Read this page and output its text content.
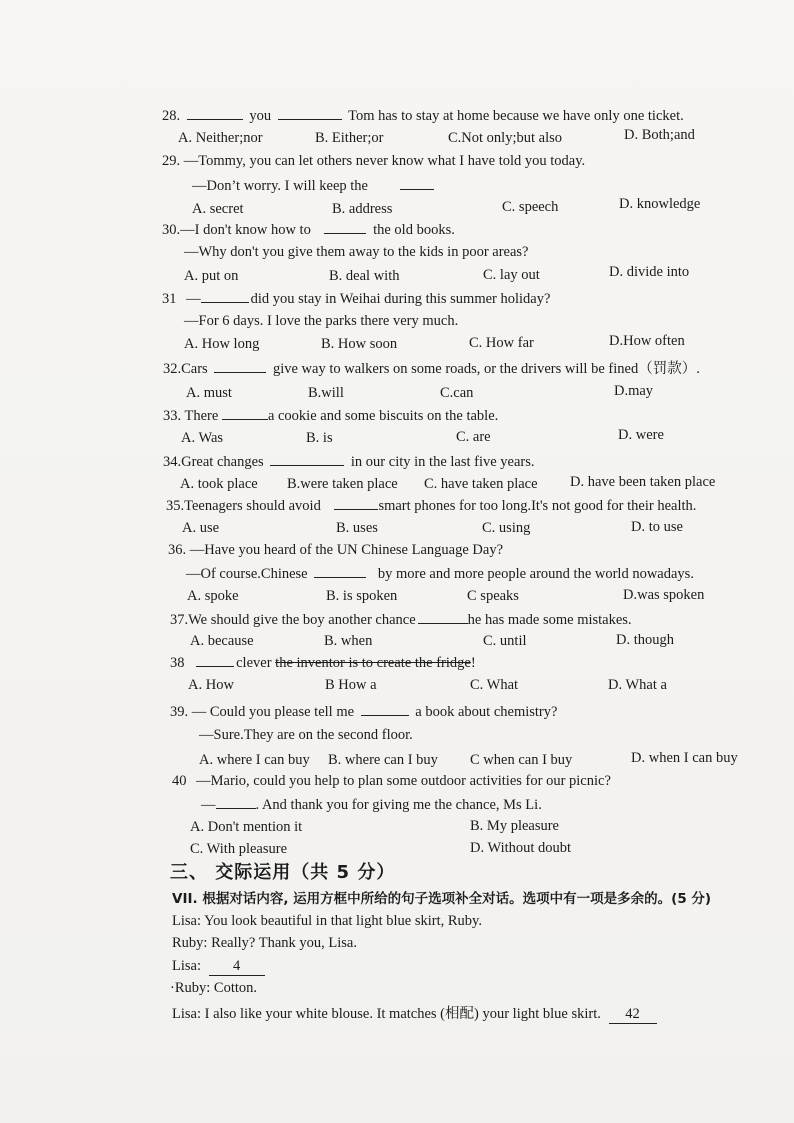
28.	you	Tom has to stay at home because we have only one ticket.
A. Neither;nor	B. Either;or	C.Not only;but also	D. Both;and
29. —Tommy, you can let others never know what I have told you today.
—Don’t worry. I will keep the
A. secret	B. address	C. speech	D. knowledge
30.—I don't know how to	the old books.
—Why don't you give them away to the kids in poor areas?
A. put on	B. deal with	C. lay out	D. divide into
31 —	did you stay in Weihai during this summer holiday?
—For 6 days. I love the parks there very much.
A. How long	B. How soon	C. How far	D.How often
32.Cars	give way to walkers on some roads, or the drivers will be fined（罚款）.
A. must	B.will	C.can	D.may
33. There	a cookie and some biscuits on the table.
A. Was	B. is	C. are	D. were
34.Great changes	in our city in the last five years.
A. took place B.were taken place C. have taken place D. have been taken place
35.Teenagers should avoid	smart phones for too long.It's not good for their health.
A. use	B. uses	C. using	D. to use
36. —Have you heard of the UN Chinese Language Day?
—Of course.Chinese	by more and more people around the world nowadays.
A. spoke	B. is spoken	C speaks	D.was spoken
37.We should give the boy another chance	he has made some mistakes.
A. because	B. when	C. until	D. though
38	clever the inventor is to create the fridge!
A. How	B How a	C. What	D. What a
39. — Could you please tell me	a book about chemistry?
—Sure.They are on the second floor.
A. where I can buy B. where can I buy C when can I buy	D. when I can buy
40 —Mario, could you help to plan some outdoor activities for our picnic?
—	. And thank you for giving me the chance, Ms Li.
A. Don't mention it	B. My pleasure
C. With pleasure	D. Without doubt
三、 交际运用（共 5 分）
VII. 根据对话内容, 运用方框中所给的句子选项补全对话。选项中有一项是多余的。(5 分)
Lisa: You look beautiful in that light blue skirt, Ruby.
Ruby: Really? Thank you, Lisa.
Lisa: 4
·Ruby: Cotton.
Lisa: I also like your white blouse. It matches (相配) your light blue skirt. 42
